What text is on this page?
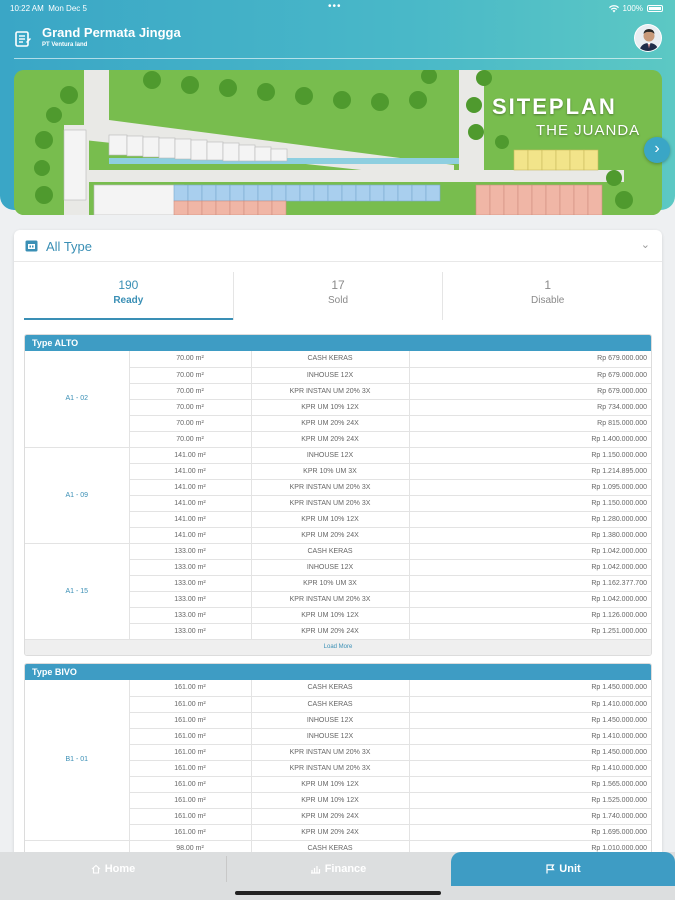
10:22 AM Mon Dec 5	•••	100%
Grand Permata Jingga
PT Ventura land
SITEPLAN
THE JUANDA
›
All Type	⌄
190
Ready
17
Sold
1
Disable
Type ALTO
A1 - 02	70.00 m²	CASH KERAS	Rp 679.000.000
	70.00 m²	INHOUSE 12X	Rp 679.000.000
	70.00 m²	KPR INSTAN UM 20% 3X	Rp 679.000.000
	70.00 m²	KPR UM 10% 12X	Rp 734.000.000
	70.00 m²	KPR UM 20% 24X	Rp 815.000.000
	70.00 m²	KPR UM 20% 24X	Rp 1.400.000.000
A1 - 09	141.00 m²	INHOUSE 12X	Rp 1.150.000.000
	141.00 m²	KPR 10% UM 3X	Rp 1.214.895.000
	141.00 m²	KPR INSTAN UM 20% 3X	Rp 1.095.000.000
	141.00 m²	KPR INSTAN UM 20% 3X	Rp 1.150.000.000
	141.00 m²	KPR UM 10% 12X	Rp 1.280.000.000
	141.00 m²	KPR UM 20% 24X	Rp 1.380.000.000
A1 - 15	133.00 m²	CASH KERAS	Rp 1.042.000.000
	133.00 m²	INHOUSE 12X	Rp 1.042.000.000
	133.00 m²	KPR 10% UM 3X	Rp 1.162.377.700
	133.00 m²	KPR INSTAN UM 20% 3X	Rp 1.042.000.000
	133.00 m²	KPR UM 10% 12X	Rp 1.126.000.000
	133.00 m²	KPR UM 20% 24X	Rp 1.251.000.000
Load More
Type BIVO
B1 - 01	161.00 m²	CASH KERAS	Rp 1.450.000.000
	161.00 m²	CASH KERAS	Rp 1.410.000.000
	161.00 m²	INHOUSE 12X	Rp 1.450.000.000
	161.00 m²	INHOUSE 12X	Rp 1.410.000.000
	161.00 m²	KPR INSTAN UM 20% 3X	Rp 1.450.000.000
	161.00 m²	KPR INSTAN UM 20% 3X	Rp 1.410.000.000
	161.00 m²	KPR UM 10% 12X	Rp 1.565.000.000
	161.00 m²	KPR UM 10% 12X	Rp 1.525.000.000
	161.00 m²	KPR UM 20% 24X	Rp 1.740.000.000
	161.00 m²	KPR UM 20% 24X	Rp 1.695.000.000
	98.00 m²	CASH KERAS	Rp 1.010.000.000
Home	Finance	Unit
